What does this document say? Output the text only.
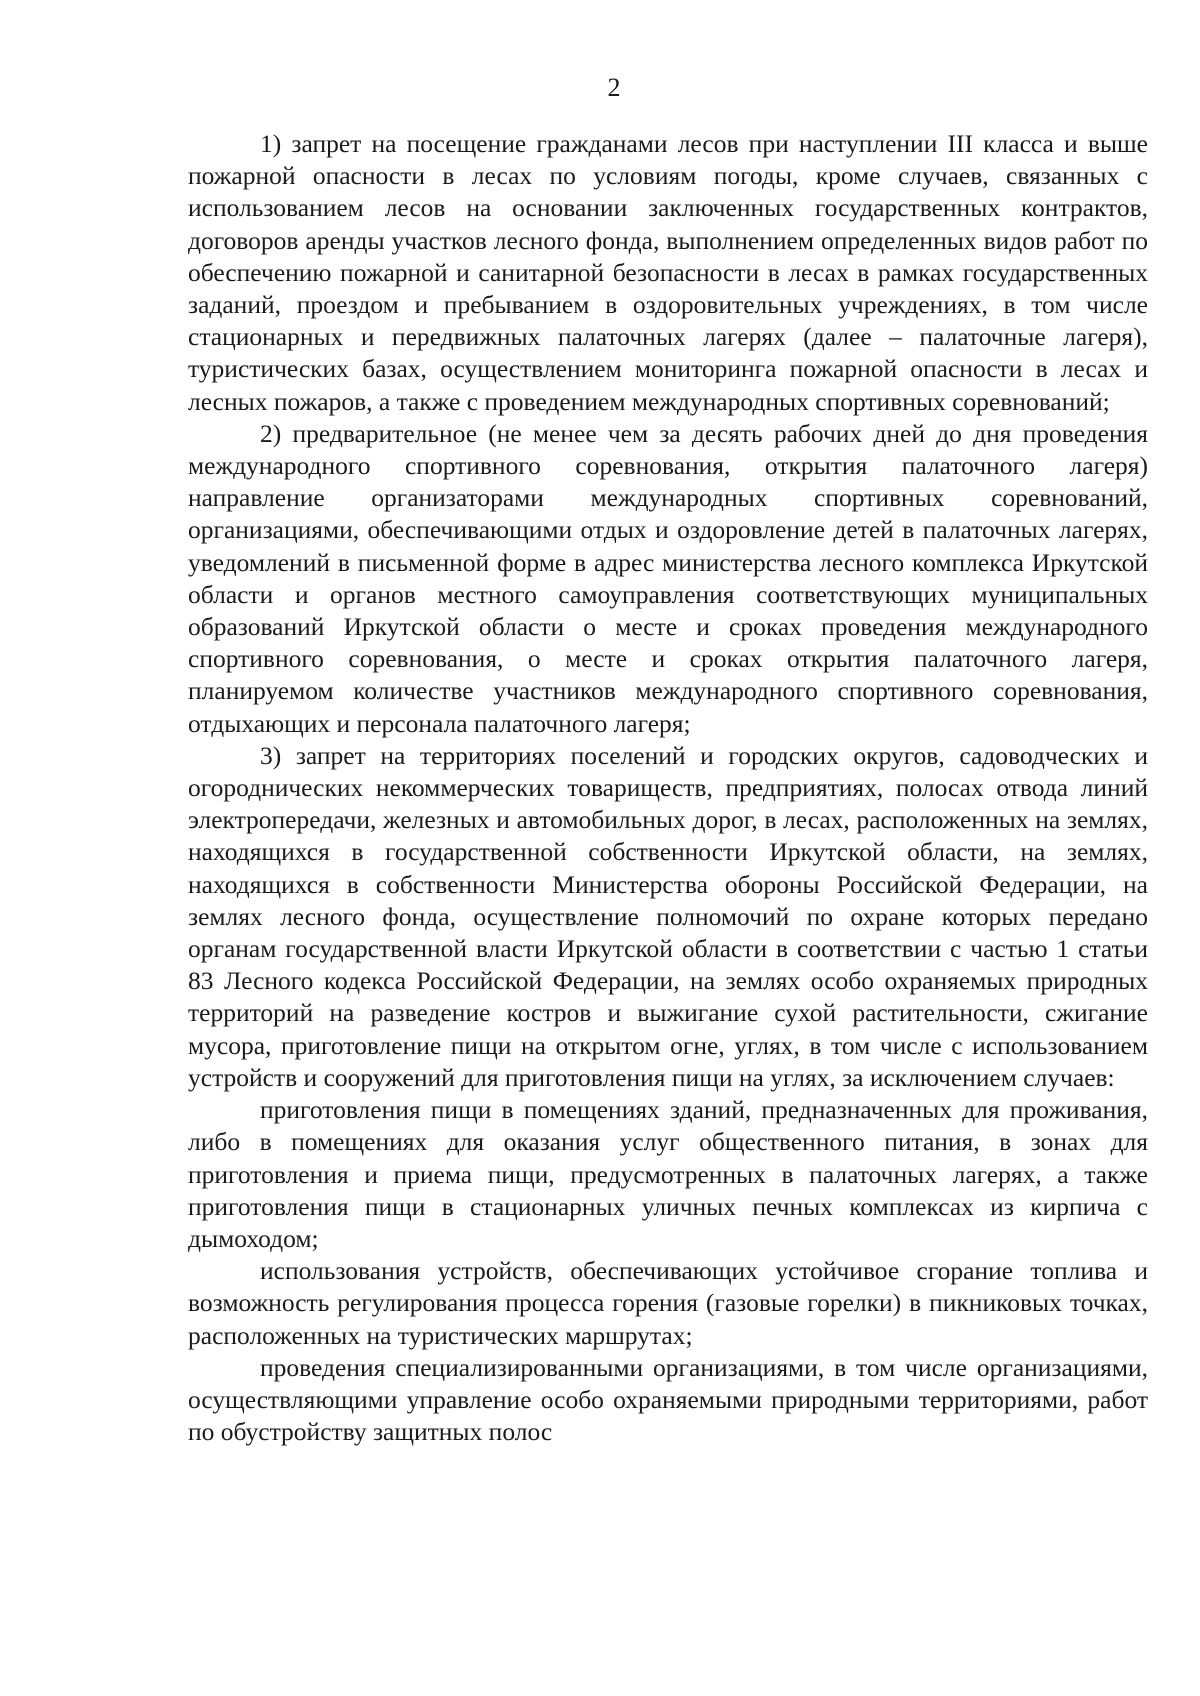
2

1) запрет на посещение гражданами лесов при наступлении III класса и выше пожарной опасности в лесах по условиям погоды, кроме случаев, связанных с использованием лесов на основании заключенных государственных контрактов, договоров аренды участков лесного фонда, выполнением определенных видов работ по обеспечению пожарной и санитарной безопасности в лесах в рамках государственных заданий, проездом и пребыванием в оздоровительных учреждениях, в том числе стационарных и передвижных палаточных лагерях (далее – палаточные лагеря), туристических базах, осуществлением мониторинга пожарной опасности в лесах и лесных пожаров, а также с проведением международных спортивных соревнований;

2) предварительное (не менее чем за десять рабочих дней до дня проведения международного спортивного соревнования, открытия палаточного лагеря) направление организаторами международных спортивных соревнований, организациями, обеспечивающими отдых и оздоровление детей в палаточных лагерях, уведомлений в письменной форме в адрес министерства лесного комплекса Иркутской области и органов местного самоуправления соответствующих муниципальных образований Иркутской области о месте и сроках проведения международного спортивного соревнования, о месте и сроках открытия палаточного лагеря, планируемом количестве участников международного спортивного соревнования, отдыхающих и персонала палаточного лагеря;

3) запрет на территориях поселений и городских округов, садоводческих и огороднических некоммерческих товариществ, предприятиях, полосах отвода линий электропередачи, железных и автомобильных дорог, в лесах, расположенных на землях, находящихся в государственной собственности Иркутской области, на землях, находящихся в собственности Министерства обороны Российской Федерации, на землях лесного фонда, осуществление полномочий по охране которых передано органам государственной власти Иркутской области в соответствии с частью 1 статьи 83 Лесного кодекса Российской Федерации, на землях особо охраняемых природных территорий на разведение костров и выжигание сухой растительности, сжигание мусора, приготовление пищи на открытом огне, углях, в том числе с использованием устройств и сооружений для приготовления пищи на углях, за исключением случаев:

приготовления пищи в помещениях зданий, предназначенных для проживания, либо в помещениях для оказания услуг общественного питания, в зонах для приготовления и приема пищи, предусмотренных в палаточных лагерях, а также приготовления пищи в стационарных уличных печных комплексах из кирпича с дымоходом;

использования устройств, обеспечивающих устойчивое сгорание топлива и возможность регулирования процесса горения (газовые горелки) в пикниковых точках, расположенных на туристических маршрутах;

проведения специализированными организациями, в том числе организациями, осуществляющими управление особо охраняемыми природными территориями, работ по обустройству защитных полос
